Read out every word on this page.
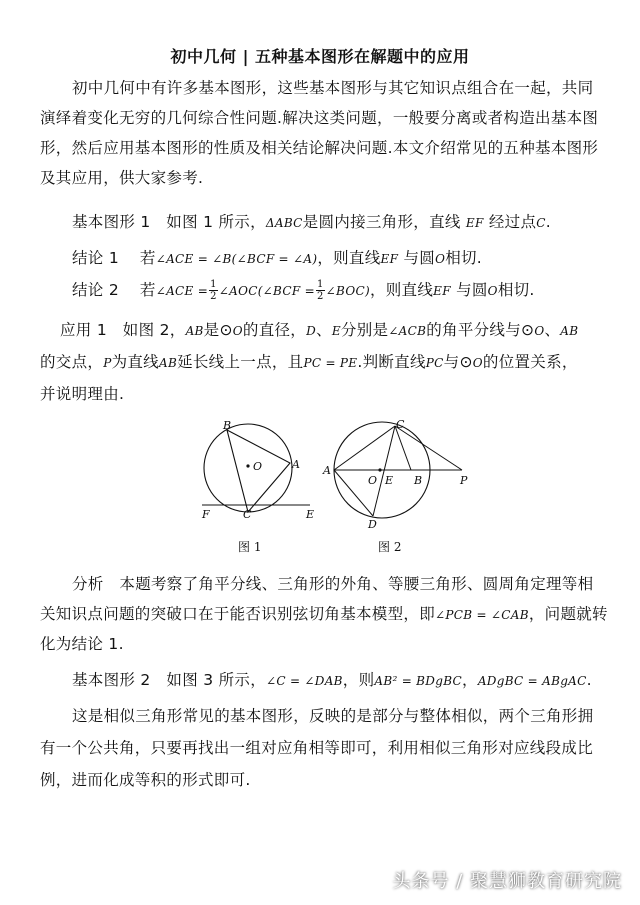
初中几何 | 五种基本图形在解题中的应用
初中几何中有许多基本图形，这些基本图形与其它知识点组合在一起，共同
演绎着变化无穷的几何综合性问题.解决这类问题，一般要分离或者构造出基本图
形，然后应用基本图形的性质及相关结论解决问题.本文介绍常见的五种基本图形
及其应用，供大家参考.
基本图形 1 如图 1 所示，ΔABC是圆内接三角形，直线 EF 经过点C.
结论 1 若∠ACE = ∠B(∠BCF = ∠A)，则直线EF 与圆O相切.
结论 2 若∠ACE = $\frac{1}{2}$ ∠AOC(∠BCF = $\frac{1}{2}$ ∠BOC)，则直线EF 与圆O相切.
应用 1　如图 2，AB是⊙O的直径，D、E分别是∠ACB的角平分线与⊙O、AB
的交点，P为直线AB延长线上一点，且PC = PE.判断直线PC与⊙O的位置关系，
并说明理由.
B
A
O
F	C	E
C
A
O E B	P
D
图 1	图 2
分析　本题考察了角平分线、三角形的外角、等腰三角形、圆周角定理等相
关知识点问题的突破口在于能否识别弦切角基本模型，即∠PCB = ∠CAB，问题就转
化为结论 1.
基本图形 2　如图 3 所示，∠C = ∠DAB，则AB² = BDgBC，ADgBC = ABgAC.
这是相似三角形常见的基本图形，反映的是部分与整体相似，两个三角形拥
有一个公共角，只要再找出一组对应角相等即可，利用相似三角形对应线段成比
例，进而化成等积的形式即可.
头条号 / 聚慧狮教育研究院
